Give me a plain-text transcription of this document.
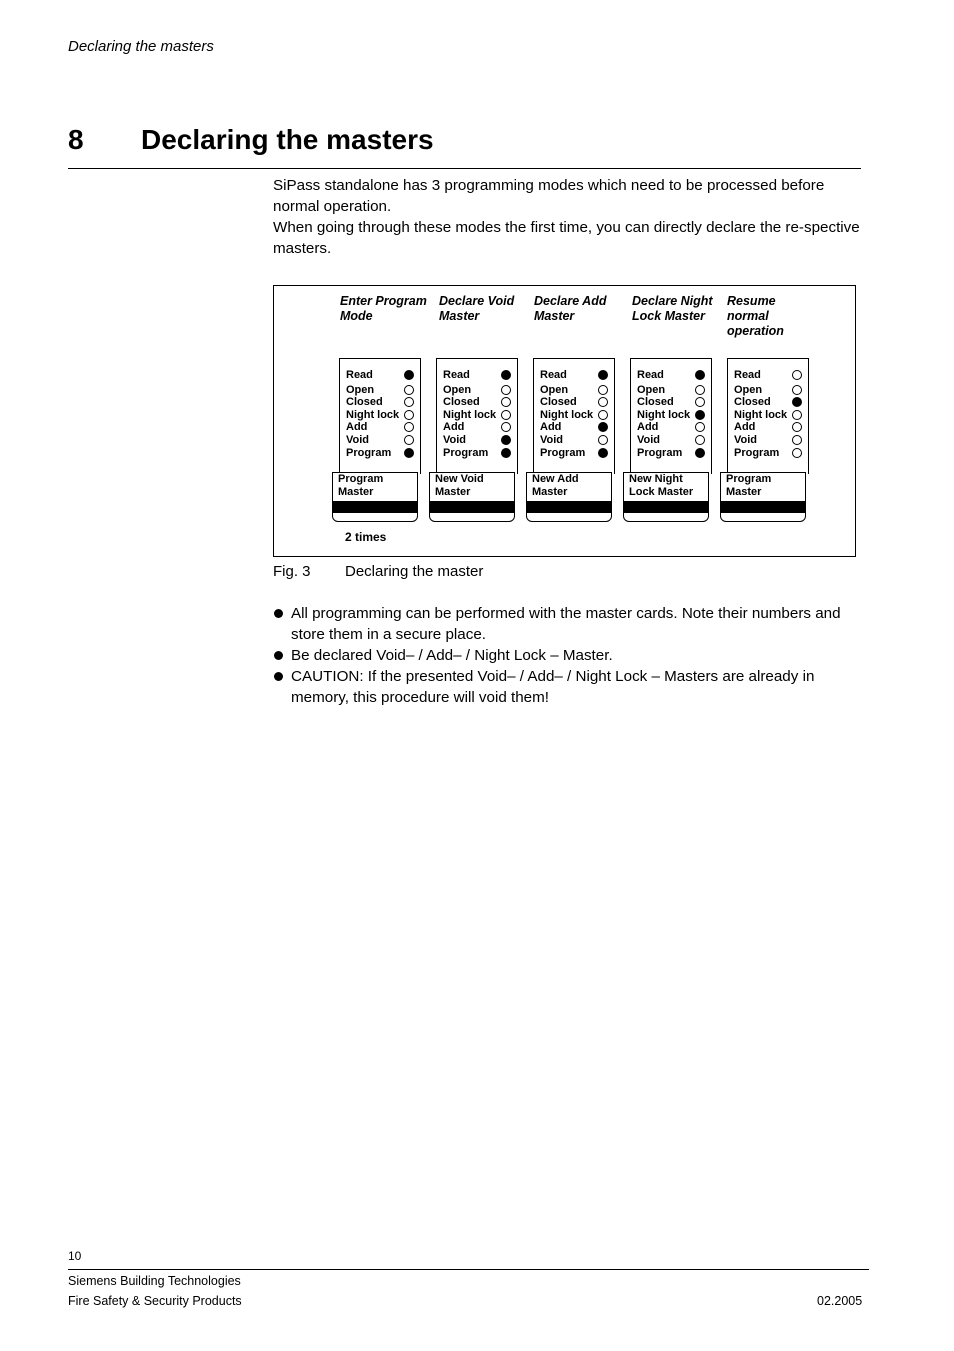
Declaring the masters
8 Declaring the masters

SiPass standalone has 3 programming modes which need to be processed before normal operation.

When going through these modes the first time, you can directly declare the re-spective masters.

2 times
Enter Program Mode
Read
Open
Closed
Night lock
Add
Void
Program
Program Master
Declare Void Master
Read
Open
Closed
Night lock
Add
Void
Program
New Void Master
Declare Add Master
Read
Open
Closed
Night lock
Add
Void
Program
New Add Master
Declare Night Lock Master
Read
Open
Closed
Night lock
Add
Void
Program
New Night Lock Master
Resume normal operation
Read
Open
Closed
Night lock
Add
Void
Program
Program Master
Fig. 3 Declaring the master
All programming can be performed with the master cards. Note their numbers and store them in a secure place.
Be declared Void– / Add– / Night Lock – Master.
CAUTION: If the presented Void– / Add– / Night Lock – Masters are already in memory, this procedure will void them!
10
Siemens Building Technologies
Fire Safety & Security Products	02.2005
